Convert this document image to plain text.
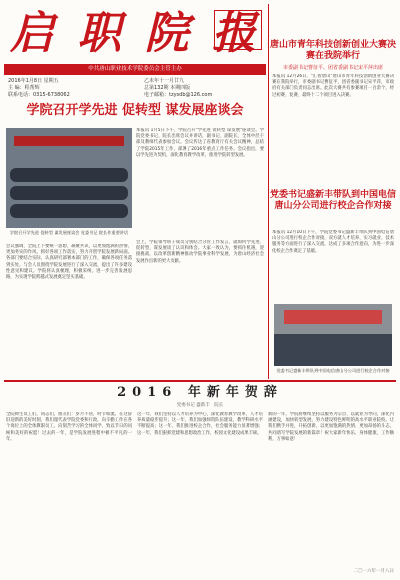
启 职 院 报
中共唐山职业技术学院委员会主管主办
2016年1月8日 星期五
主 编：程帮辉
联系电话：0315-6738062
乙未年十一月廿九
总第132期 本期四版
电子邮箱：tzysdb@126.com
学院召开学先进 促转型 谋发展座谈会
学院召开学先进 促转型 谋发展座谈会 党委书记 院长作重要讲话
本报讯 1月5日下午，学院召开"学先进 促转型 谋发展"座谈会。学院党委书记、院长出席会议并讲话，副书记、副院长、全体中层干部及教师代表参加会议。会议传达了省教育厅有关会议精神，总结了学院2015年工作，部署了2016年重点工作任务。会议指出，要以学先进为契机，深化教育教学改革，推进学院转型发展。
会议强调，全院上下要统一思想、凝聚共识，以更加饱满的热情、更加务实的作风，抓好各项工作落实，努力开创学院发展新局面。各部门要结合实际，认真研究部署本部门的工作，确保各项任务落到实处。与会人员围绕学院发展进行了深入交流，提出了许多建设性意见和建议。学院将认真梳理，积极采纳，进一步完善发展思路，为实现学院跨越式发展奠定坚实基础。
会上，学院领导班子成员分别结合分管工作发言，就如何学先进、促转型、谋发展谈了认识和体会。大家一致认为，要抓住机遇，迎接挑战，以改革创新精神推动学院事业科学发展，为唐山经济社会发展作出新的更大贡献。
唐山市青年科技创新创业大赛决赛在我院举行
市委副书记曹征平、团省委副书记宋平萍出席
本报讯 12月26日，"汇智唐山"唐山市青年科技创新创业大赛决赛在我院举行，市委副书记曹征平、团省委副书记宋平萍，市政府有关部门负责同志出席。此次大赛共有参赛项目一百余个，经过初赛、复赛，最终十二个项目进入决赛。
党委书记盛新丰带队到中国电信唐山分公司进行校企合作对接
本报讯 12月10日下午，学院党委书记盛新丰带队到中国电信唐山分公司进行校企合作对接，双方就人才培养、实习就业、技术服务等方面进行了深入交流，达成了多项合作意向，为进一步深化校企合作奠定了基础。
党委书记盛新丰带队到中国电信唐山分公司进行校企合作对接
2016 年新年贺辞
党委书记 盛新丰　院长
全院师生员工们，同志们、朋友们：岁月不居，时节如流。在这辞旧迎新的美好时刻，我们谨代表学院党委和行政，向辛勤工作在各个岗位上的全体教职员工，向刻苦学习的全体同学，致以节日的问候和美好的祝愿！过去的一年，是学院发展进程中极不平凡的一年。
这一年，我们坚持以人才培养为中心，深化教育教学改革，人才培养质量稳步提升；这一年，我们加强师资队伍建设，教学科研水平不断提高；这一年，我们推进校企合作，社会服务能力显著增强；这一年，我们狠抓党建和思想政治工作，校园文化建设成果丰硕。
新的一年，学院将继续坚持以服务为宗旨、以就业为导向，深化内涵建设，加快转型发展，努力建设特色鲜明的高水平职业院校。让我们携手并进，开拓创新，以更加饱满的热情、更加昂扬的斗志，共同谱写学院发展的新篇章！祝大家新年快乐，身体健康，工作顺利，万事如意！
二〇一六年一月八日
